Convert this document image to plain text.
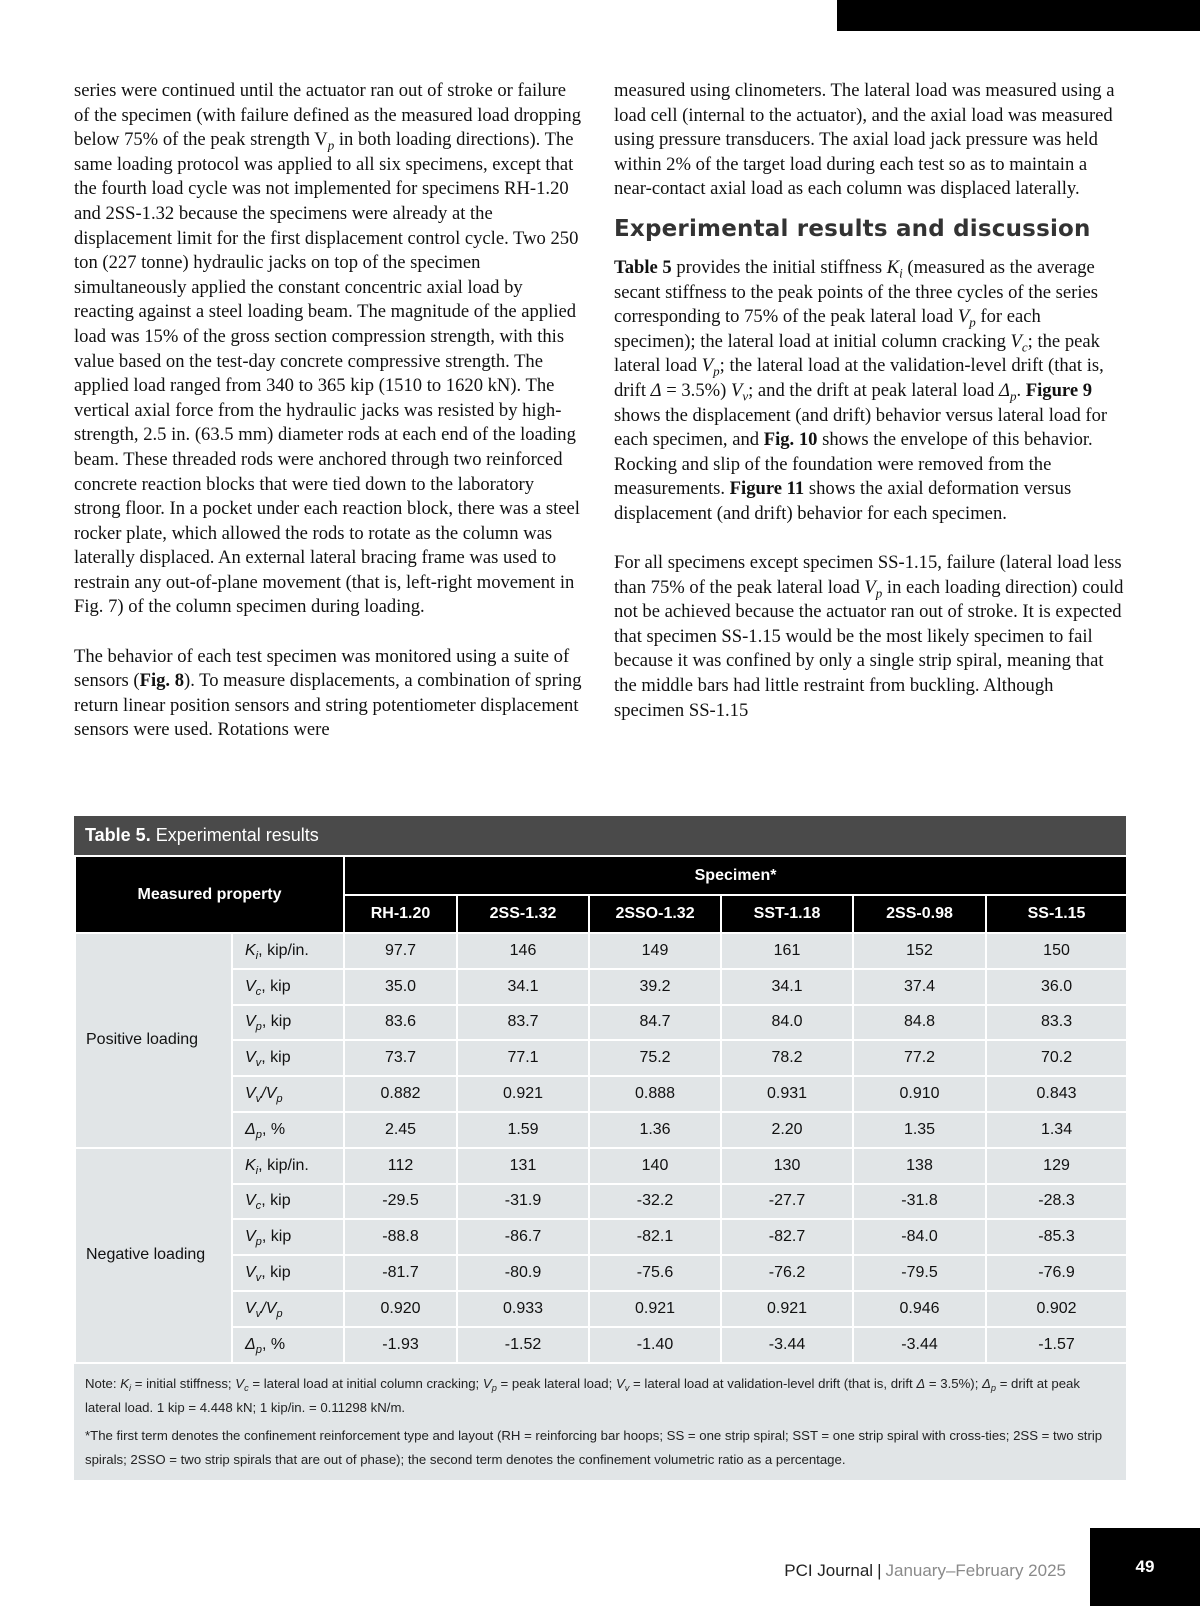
series were continued until the actuator ran out of stroke or failure of the specimen (with failure defined as the measured load dropping below 75% of the peak strength $V_p$ in both loading directions). The same loading protocol was applied to all six specimens, except that the fourth load cycle was not implemented for specimens RH-1.20 and 2SS-1.32 because the specimens were already at the displacement limit for the first displacement control cycle. Two 250 ton (227 tonne) hydraulic jacks on top of the specimen simultaneously applied the constant concentric axial load by reacting against a steel loading beam. The magnitude of the applied load was 15% of the gross section compression strength, with this value based on the test-day concrete compressive strength. The applied load ranged from 340 to 365 kip (1510 to 1620 kN). The vertical axial force from the hydraulic jacks was resisted by high-strength, 2.5 in. (63.5 mm) diameter rods at each end of the loading beam. These threaded rods were anchored through two reinforced concrete reaction blocks that were tied down to the laboratory strong floor. In a pocket under each reaction block, there was a steel rocker plate, which allowed the rods to rotate as the column was laterally displaced. An external lateral bracing frame was used to restrain any out-of-plane movement (that is, left-right movement in Fig. 7) of the column specimen during loading.

The behavior of each test specimen was monitored using a suite of sensors (Fig. 8). To measure displacements, a combination of spring return linear position sensors and string potentiometer displacement sensors were used. Rotations were

measured using clinometers. The lateral load was measured using a load cell (internal to the actuator), and the axial load was measured using pressure transducers. The axial load jack pressure was held within 2% of the target load during each test so as to maintain a near-contact axial load as each column was displaced laterally.

Experimental results and discussion

Table 5 provides the initial stiffness $K_i$ (measured as the average secant stiffness to the peak points of the three cycles of the series corresponding to 75% of the peak lateral load $V_p$ for each specimen); the lateral load at initial column cracking $V_c$; the peak lateral load $V_p$; the lateral load at the validation-level drift (that is, drift Δ = 3.5%) $V_v$; and the drift at peak lateral load $\Delta_p$. Figure 9 shows the displacement (and drift) behavior versus lateral load for each specimen, and Fig. 10 shows the envelope of this behavior. Rocking and slip of the foundation were removed from the measurements. Figure 11 shows the axial deformation versus displacement (and drift) behavior for each specimen.

For all specimens except specimen SS-1.15, failure (lateral load less than 75% of the peak lateral load $V_p$ in each loading direction) could not be achieved because the actuator ran out of stroke. It is expected that specimen SS-1.15 would be the most likely specimen to fail because it was confined by only a single strip spiral, meaning that the middle bars had little restraint from buckling. Although specimen SS-1.15

Table 5. Experimental results
Measured property		Specimen*					
		RH-1.20	2SS-1.32	2SSO-1.32	SST-1.18	2SS-0.98	SS-1.15
Positive loading	$K_i$, kip/in.	97.7	146	149	161	152	150
	$V_c$, kip	35.0	34.1	39.2	34.1	37.4	36.0
	$V_p$, kip	83.6	83.7	84.7	84.0	84.8	83.3
	$V_v$, kip	73.7	77.1	75.2	78.2	77.2	70.2
	$V_v/V_p$	0.882	0.921	0.888	0.931	0.910	0.843
	$\Delta_p$, %	2.45	1.59	1.36	2.20	1.35	1.34
Negative loading	$K_i$, kip/in.	112	131	140	130	138	129
	$V_c$, kip	-29.5	-31.9	-32.2	-27.7	-31.8	-28.3
	$V_p$, kip	-88.8	-86.7	-82.1	-82.7	-84.0	-85.3
	$V_v$, kip	-81.7	-80.9	-75.6	-76.2	-79.5	-76.9
	$V_v/V_p$	0.920	0.933	0.921	0.921	0.946	0.902
	$\Delta_p$, %	-1.93	-1.52	-1.40	-3.44	-3.44	-1.57

Note: $K_i$ = initial stiffness; $V_c$ = lateral load at initial column cracking; $V_p$ = peak lateral load; $V_v$ = lateral load at validation-level drift (that is, drift Δ = 3.5%); $\Delta_p$ = drift at peak lateral load. 1 kip = 4.448 kN; 1 kip/in. = 0.11298 kN/m.

*The first term denotes the confinement reinforcement type and layout (RH = reinforcing bar hoops; SS = one strip spiral; SST = one strip spiral with cross-ties; 2SS = two strip spirals; 2SSO = two strip spirals that are out of phase); the second term denotes the confinement volumetric ratio as a percentage.

PCI Journal | January–February 2025	49
